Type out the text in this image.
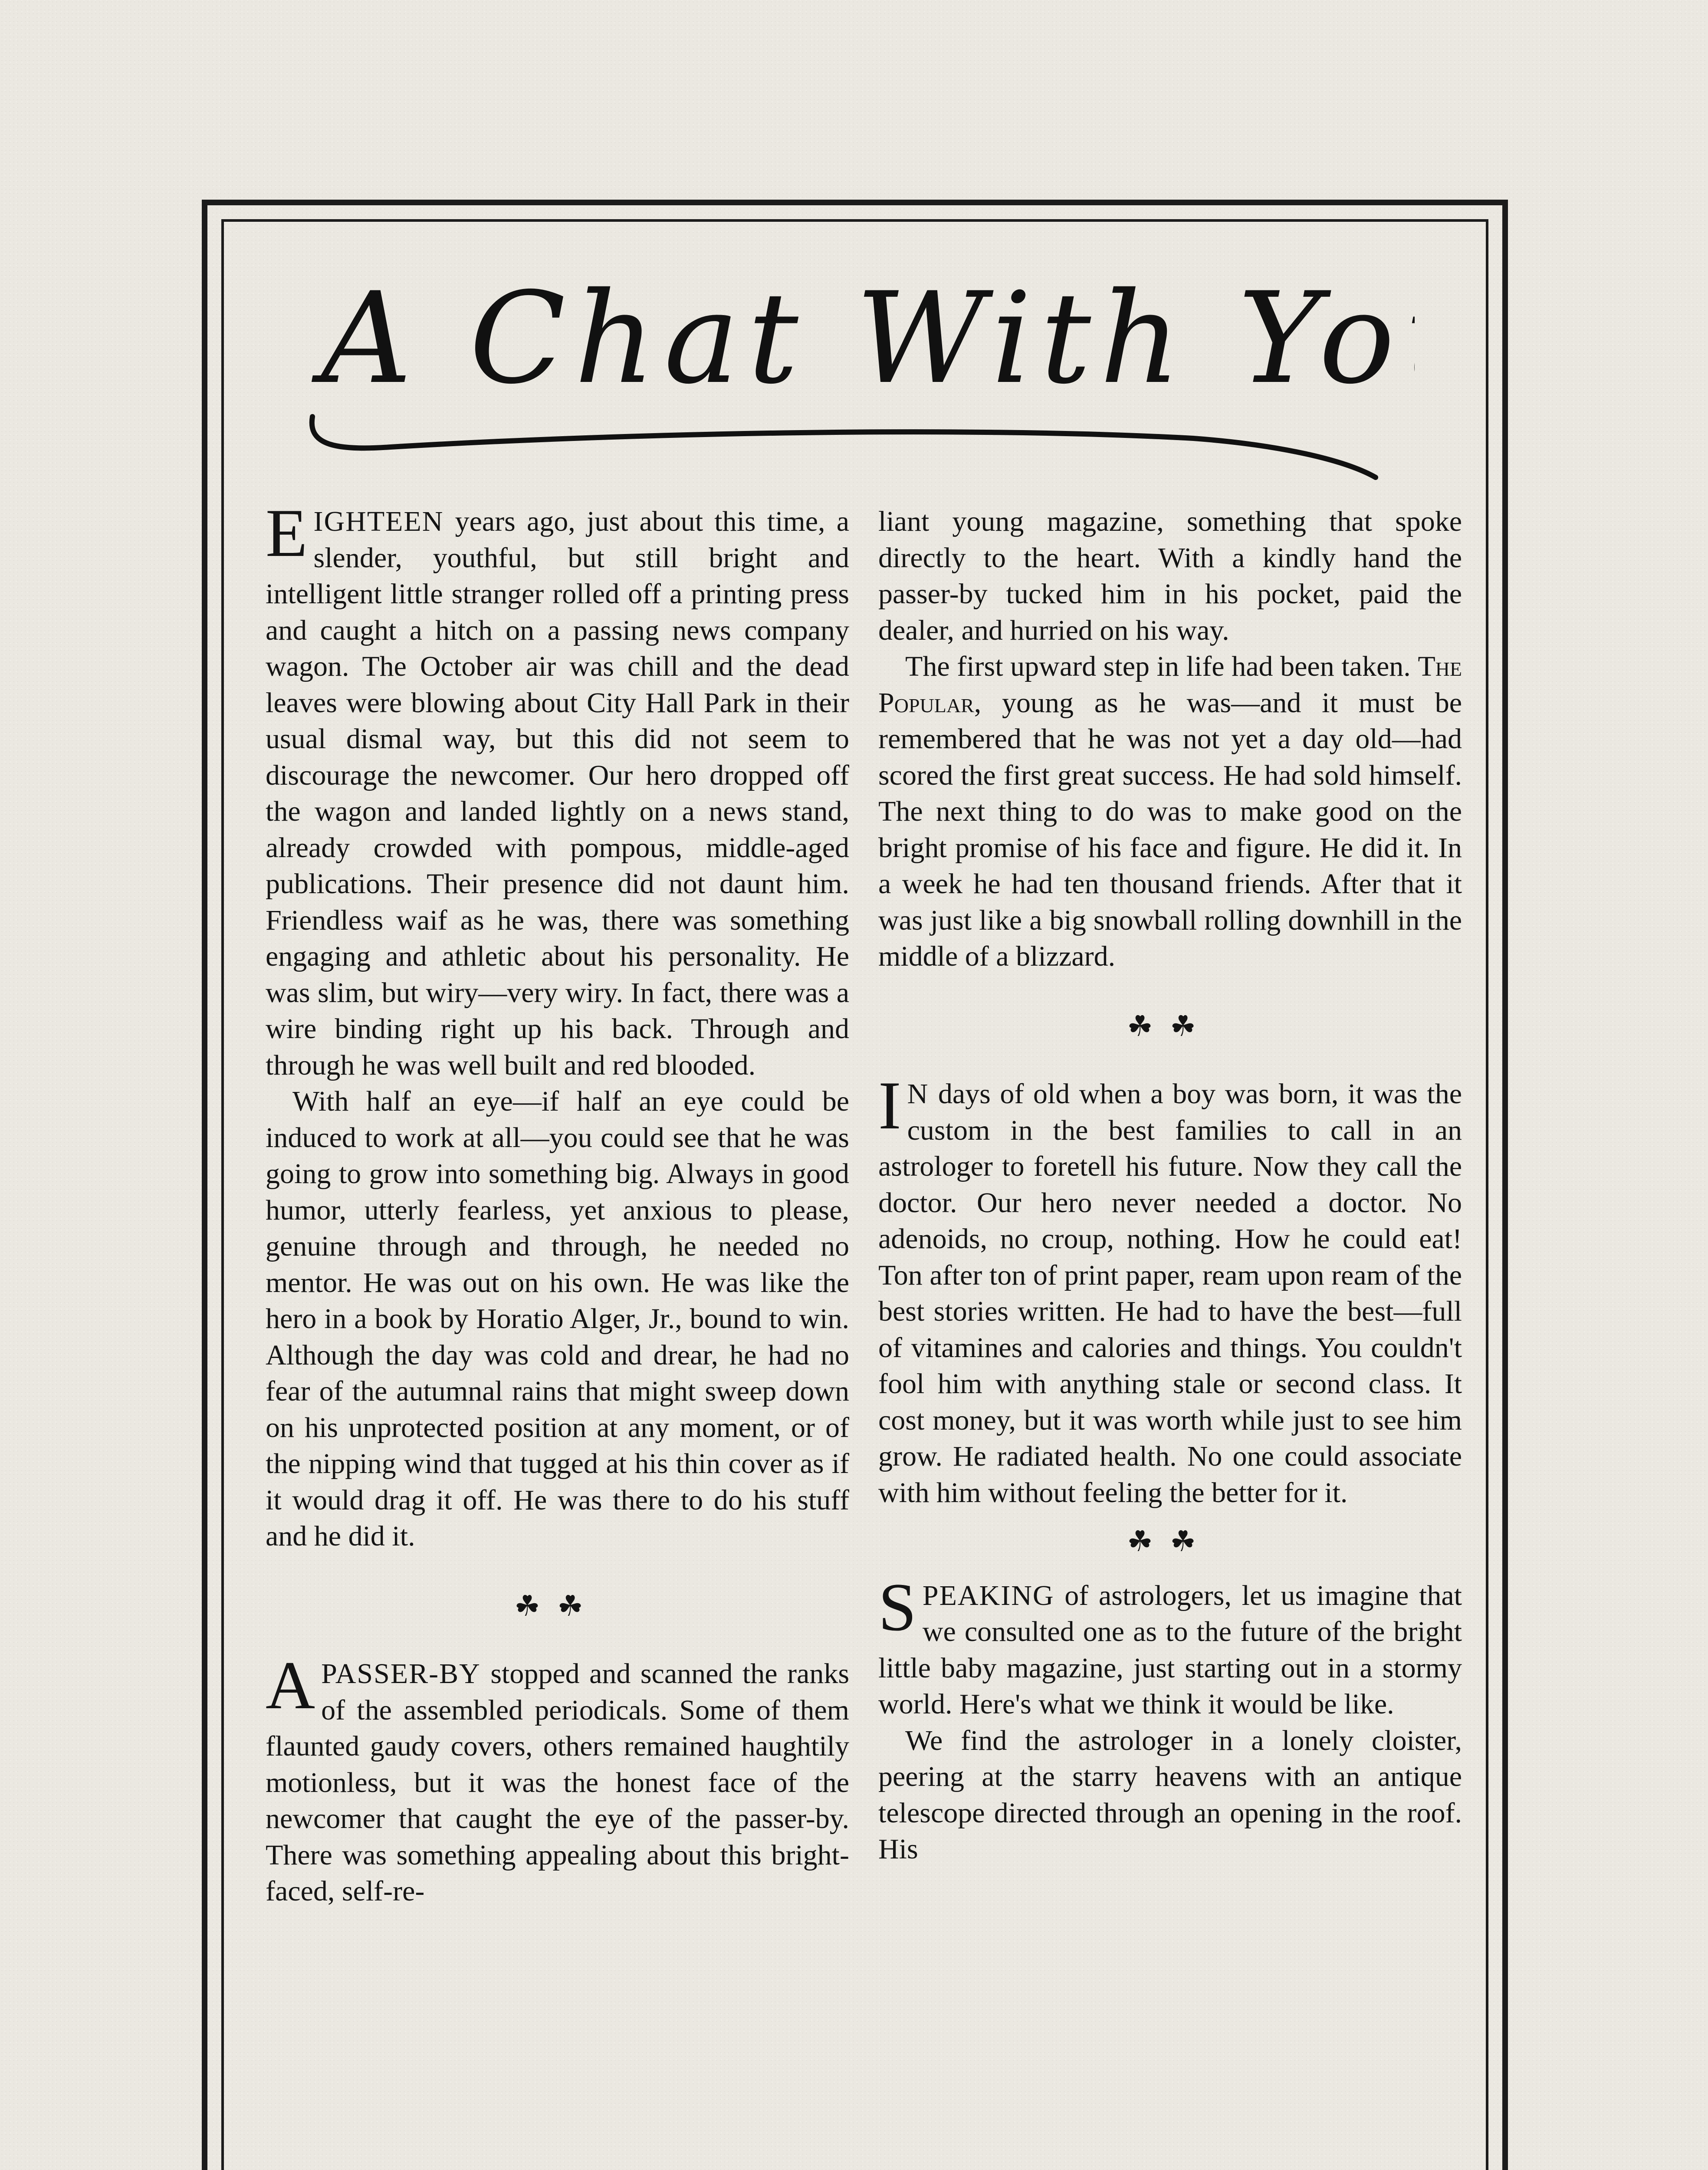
A Chat With You

EIGHTEEN years ago, just about this time, a slender, youthful, but still bright and intelligent little stranger rolled off a printing press and caught a hitch on a passing news company wagon. The October air was chill and the dead leaves were blowing about City Hall Park in their usual dismal way, but this did not seem to discourage the newcomer. Our hero dropped off the wagon and landed lightly on a news stand, already crowded with pompous, middle-aged publications. Their presence did not daunt him. Friendless waif as he was, there was something engaging and athletic about his personality. He was slim, but wiry—very wiry. In fact, there was a wire binding right up his back. Through and through he was well built and red blooded.

With half an eye—if half an eye could be induced to work at all—you could see that he was going to grow into something big. Always in good humor, utterly fearless, yet anxious to please, genuine through and through, he needed no mentor. He was out on his own. He was like the hero in a book by Horatio Alger, Jr., bound to win. Although the day was cold and drear, he had no fear of the autumnal rains that might sweep down on his unprotected position at any moment, or of the nipping wind that tugged at his thin cover as if it would drag it off. He was there to do his stuff and he did it.

☘☘

A PASSER-BY stopped and scanned the ranks of the assembled periodicals. Some of them flaunted gaudy covers, others remained haughtily motionless, but it was the honest face of the newcomer that caught the eye of the passer-by. There was something appealing about this bright-faced, self-re-

liant young magazine, something that spoke directly to the heart. With a kindly hand the passer-by tucked him in his pocket, paid the dealer, and hurried on his way.

The first upward step in life had been taken. The Popular, young as he was—and it must be remembered that he was not yet a day old—had scored the first great success. He had sold himself. The next thing to do was to make good on the bright promise of his face and figure. He did it. In a week he had ten thousand friends. After that it was just like a big snowball rolling downhill in the middle of a blizzard.

☘☘

I N days of old when a boy was born, it was the custom in the best families to call in an astrologer to foretell his future. Now they call the doctor. Our hero never needed a doctor. No adenoids, no croup, nothing. How he could eat! Ton after ton of print paper, ream upon ream of the best stories written. He had to have the best—full of vitamines and calories and things. You couldn't fool him with anything stale or second class. It cost money, but it was worth while just to see him grow. He radiated health. No one could associate with him without feeling the better for it.

☘☘

SPEAKING of astrologers, let us imagine that we consulted one as to the future of the bright little baby magazine, just starting out in a stormy world. Here's what we think it would be like.

We find the astrologer in a lonely cloister, peering at the starry heavens with an antique telescope directed through an opening in the roof. His
